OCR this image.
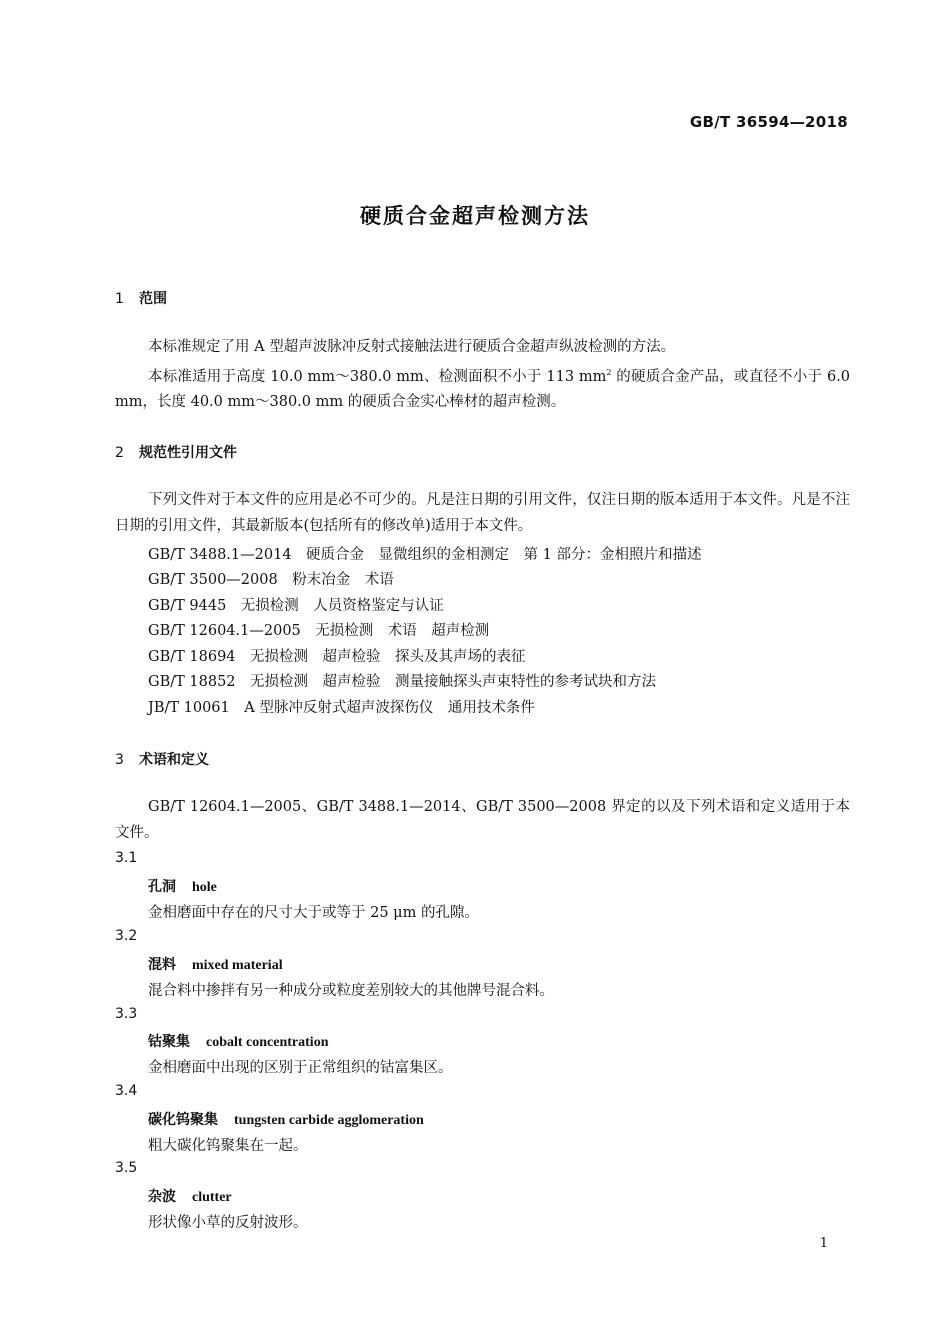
GB/T 36594—2018
硬质合金超声检测方法
1 范围
本标准规定了用 A 型超声波脉冲反射式接触法进行硬质合金超声纵波检测的方法。
本标准适用于高度 10.0 mm～380.0 mm、检测面积不小于 113 $mm^2$ 的硬质合金产品，或直径不小于 6.0 mm，长度 40.0 mm～380.0 mm 的硬质合金实心棒材的超声检测。
2 规范性引用文件
下列文件对于本文件的应用是必不可少的。凡是注日期的引用文件，仅注日期的版本适用于本文件。凡是不注日期的引用文件，其最新版本(包括所有的修改单)适用于本文件。
GB/T 3488.1—2014　硬质合金　显微组织的金相测定　第 1 部分：金相照片和描述
GB/T 3500—2008　粉末冶金　术语
GB/T 9445　无损检测　人员资格鉴定与认证
GB/T 12604.1—2005　无损检测　术语　超声检测
GB/T 18694　无损检测　超声检验　探头及其声场的表征
GB/T 18852　无损检测　超声检验　测量接触探头声束特性的参考试块和方法
JB/T 10061　A 型脉冲反射式超声波探伤仪　通用技术条件
3 术语和定义
GB/T 12604.1—2005、GB/T 3488.1—2014、GB/T 3500—2008 界定的以及下列术语和定义适用于本文件。
3.1
孔洞 hole
金相磨面中存在的尺寸大于或等于 25 μm 的孔隙。
3.2
混料 mixed material
混合料中掺拌有另一种成分或粒度差别较大的其他牌号混合料。
3.3
钴聚集 cobalt concentration
金相磨面中出现的区别于正常组织的钴富集区。
3.4
碳化钨聚集 tungsten carbide agglomeration
粗大碳化钨聚集在一起。
3.5
杂波 clutter
形状像小草的反射波形。
1
